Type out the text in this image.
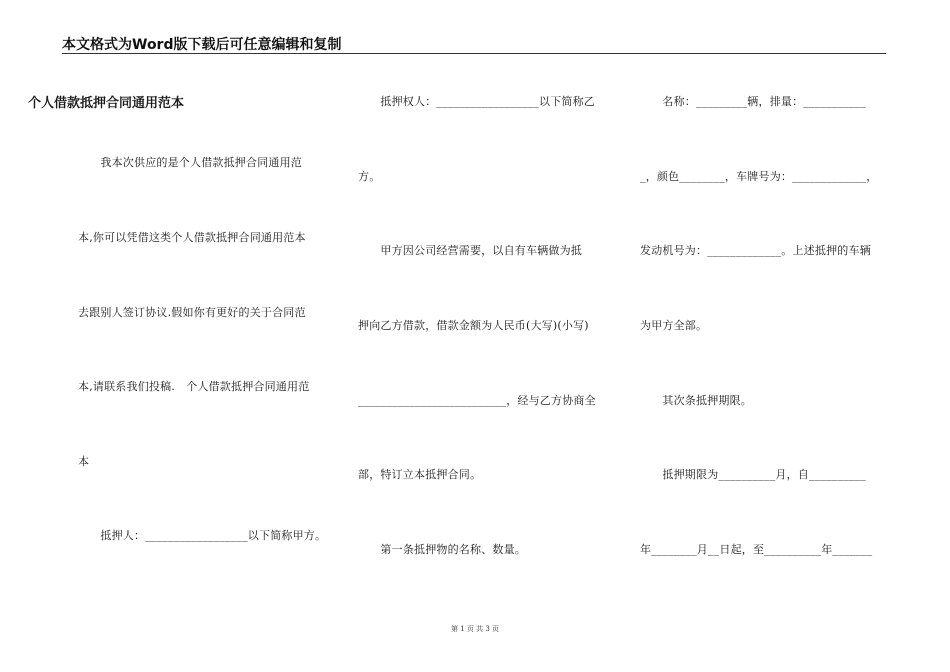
本文格式为Word版下载后可任意编辑和复制
个人借款抵押合同通用范本
　　我本次供应的是个人借款抵押合同通用范
本,你可以凭借这类个人借款抵押合同通用范本
去跟别人签订协议.假如你有更好的关于合同范
本,请联系我们投稿.　个人借款抵押合同通用范
本
　　抵押人：__________________以下简称甲方。
　　抵押权人：__________________以下简称乙
方。
　　甲方因公司经营需要，以自有车辆做为抵
押向乙方借款，借款金额为人民币(大写)(小写)
__________________________，经与乙方协商全
部，特订立本抵押合同。
　　第一条抵押物的名称、数量。
　　名称：_________辆，排量：___________
_，颜色________，车牌号为：_____________，
发动机号为：_____________。上述抵押的车辆
为甲方全部。
　　其次条抵押期限。
　　抵押期限为__________月，自__________
年________月__日起，至__________年_______
第 1 页 共 3 页
